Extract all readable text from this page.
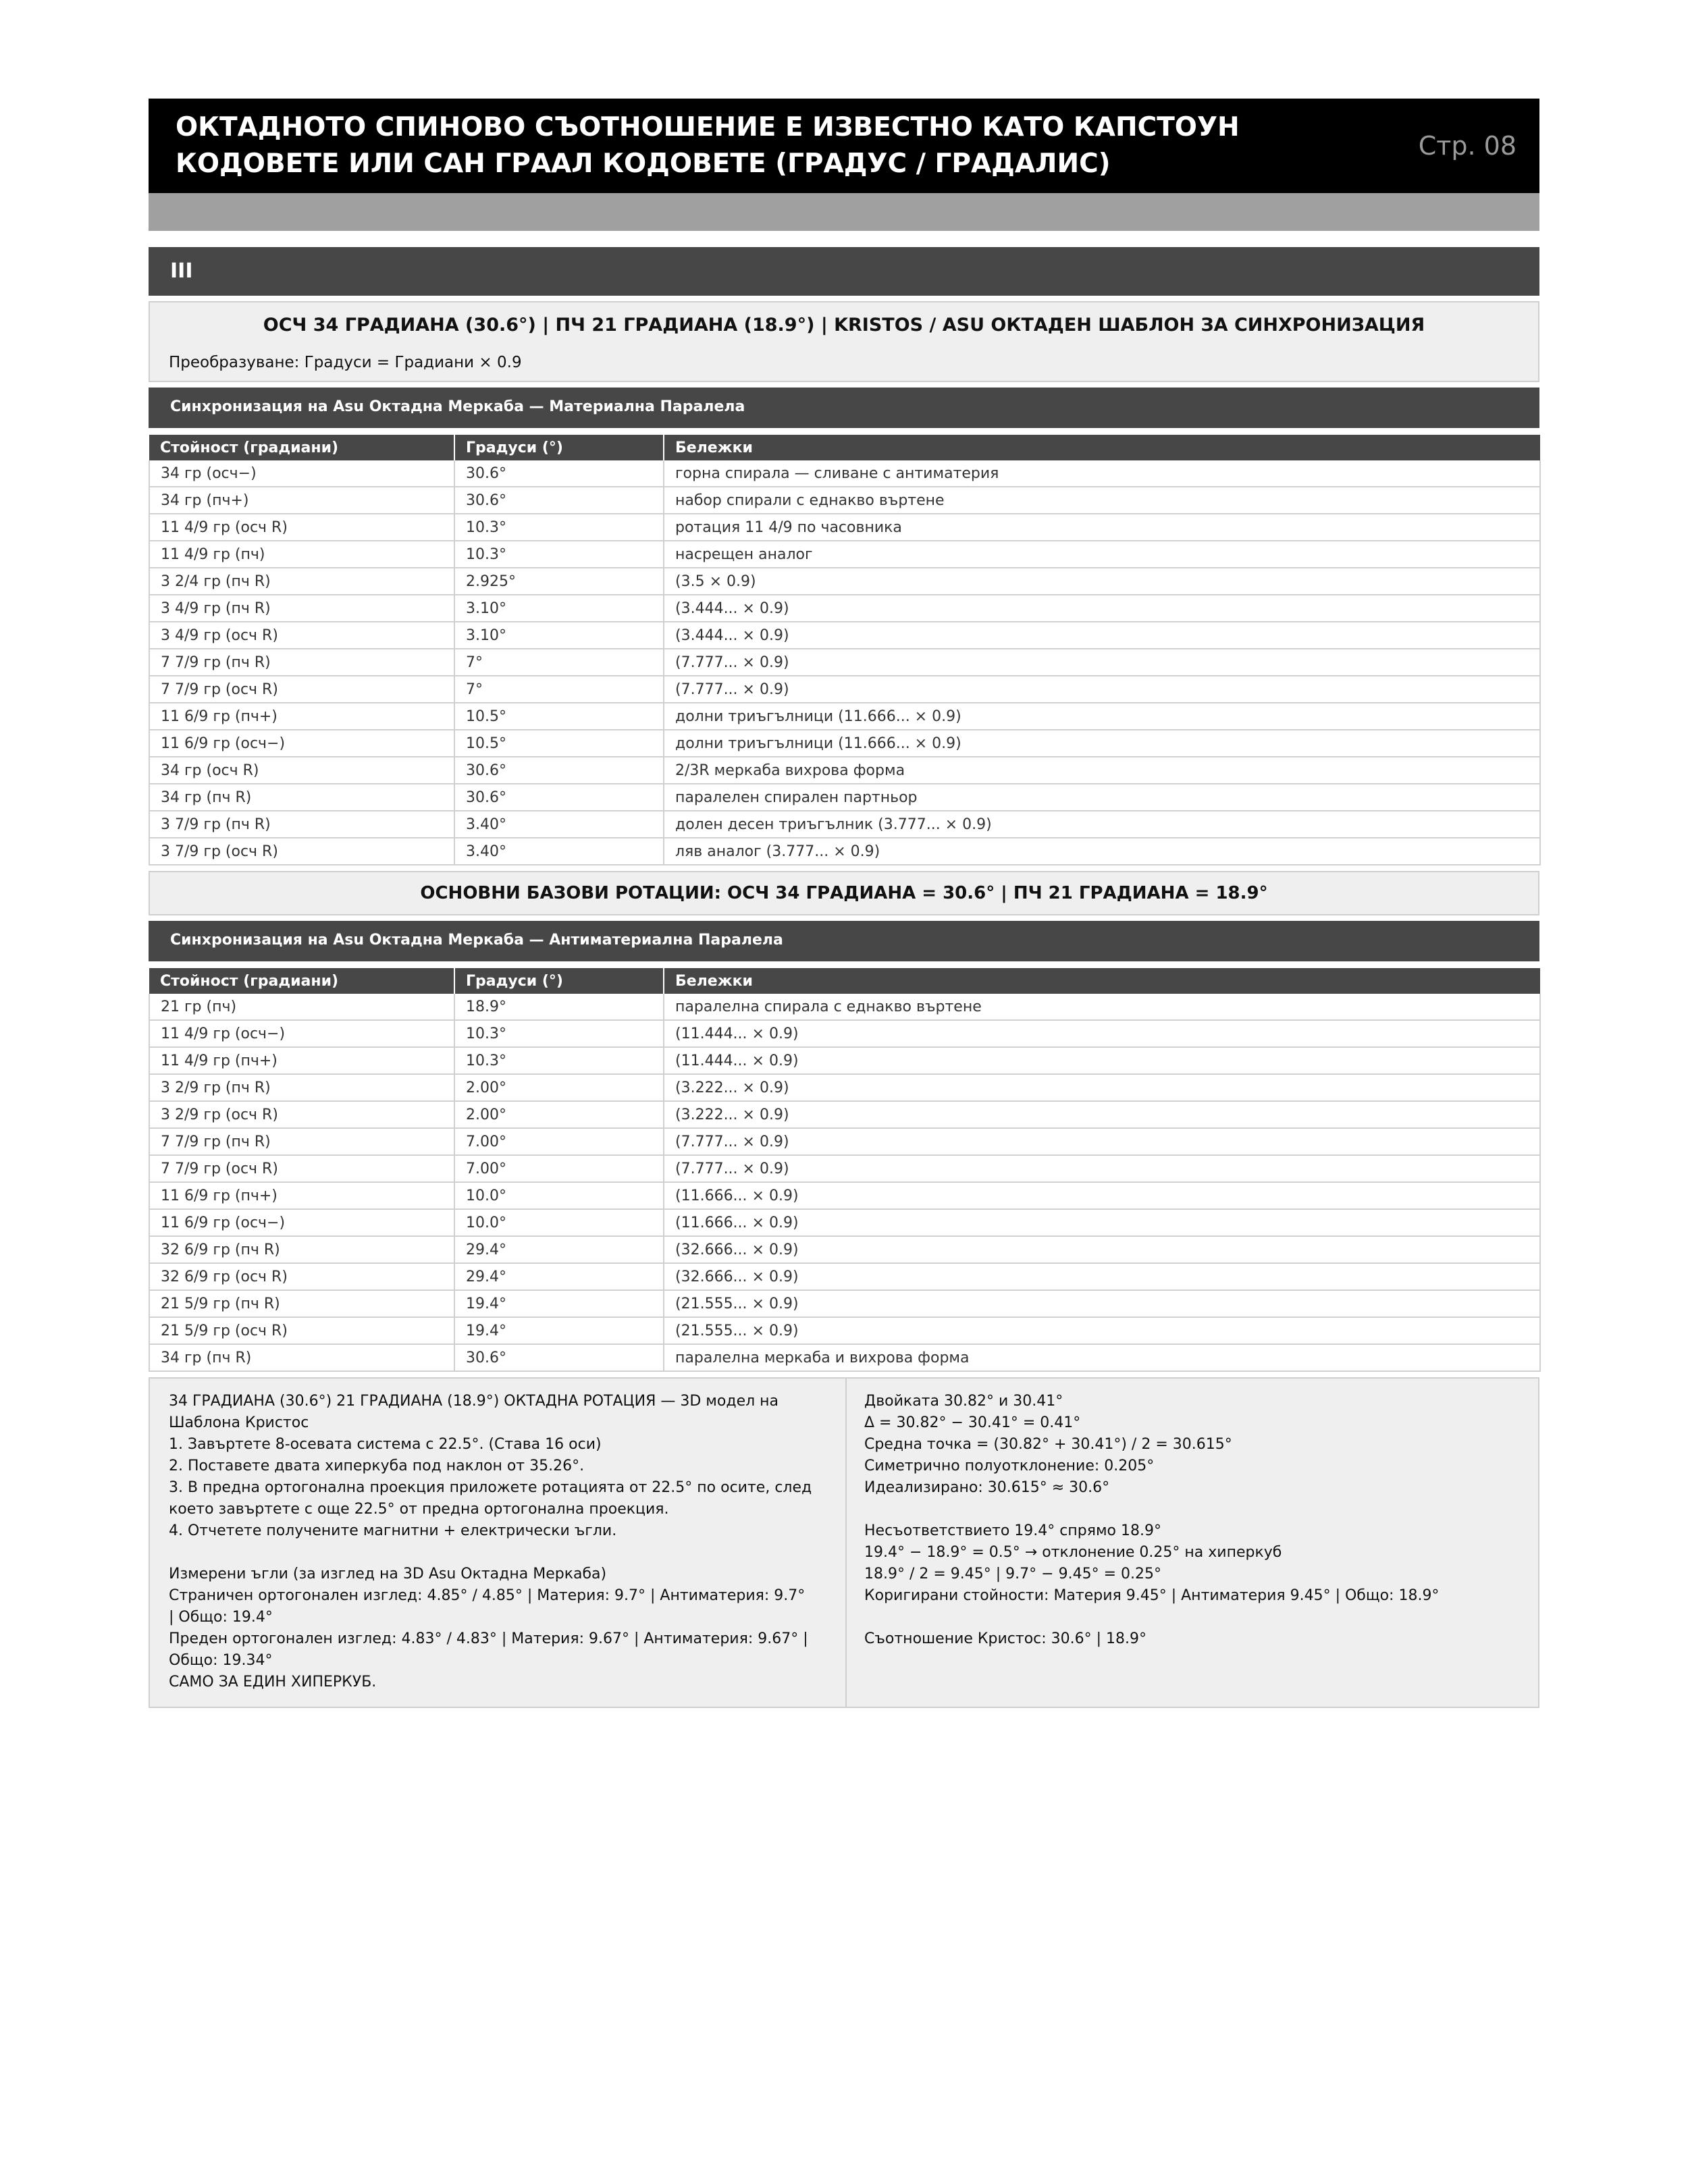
ОКТАДНОТО СПИНОВО СЪОТНОШЕНИЕ Е ИЗВЕСТНО КАТО КАПСТОУН КОДОВЕТЕ ИЛИ САН ГРААЛ КОДОВЕТЕ (ГРАДУС / ГРАДАЛИС)
Стр. 08
III
ОСЧ 34 ГРАДИАНА (30.6°) | ПЧ 21 ГРАДИАНА (18.9°) | KRISTOS / ASU ОКТАДЕН ШАБЛОН ЗА СИНХРОНИЗАЦИЯ
Преобразуване: Градуси = Градиани × 0.9
Синхронизация на Asu Октадна Меркаба — Материална Паралела
Стойност (градиани)	Градуси (°)	Бележки
34 гр (осч−)	30.6°	горна спирала — сливане с антиматерия
34 гр (пч+)	30.6°	набор спирали с еднакво въртене
11 4/9 гр (осч R)	10.3°	ротация 11 4/9 по часовника
11 4/9 гр (пч)	10.3°	насрещен аналог
3 2/4 гр (пч R)	2.925°	(3.5 × 0.9)
3 4/9 гр (пч R)	3.10°	(3.444... × 0.9)
3 4/9 гр (осч R)	3.10°	(3.444... × 0.9)
7 7/9 гр (пч R)	7°	(7.777... × 0.9)
7 7/9 гр (осч R)	7°	(7.777... × 0.9)
11 6/9 гр (пч+)	10.5°	долни триъгълници (11.666... × 0.9)
11 6/9 гр (осч−)	10.5°	долни триъгълници (11.666... × 0.9)
34 гр (осч R)	30.6°	2/3R меркаба вихрова форма
34 гр (пч R)	30.6°	паралелен спирален партньор
3 7/9 гр (пч R)	3.40°	долен десен триъгълник (3.777... × 0.9)
3 7/9 гр (осч R)	3.40°	ляв аналог (3.777... × 0.9)
ОСНОВНИ БАЗОВИ РОТАЦИИ: ОСЧ 34 ГРАДИАНА = 30.6° | ПЧ 21 ГРАДИАНА = 18.9°
Синхронизация на Asu Октадна Меркаба — Антиматериална Паралела
Стойност (градиани)	Градуси (°)	Бележки
21 гр (пч)	18.9°	паралелна спирала с еднакво въртене
11 4/9 гр (осч−)	10.3°	(11.444... × 0.9)
11 4/9 гр (пч+)	10.3°	(11.444... × 0.9)
3 2/9 гр (пч R)	2.00°	(3.222... × 0.9)
3 2/9 гр (осч R)	2.00°	(3.222... × 0.9)
7 7/9 гр (пч R)	7.00°	(7.777... × 0.9)
7 7/9 гр (осч R)	7.00°	(7.777... × 0.9)
11 6/9 гр (пч+)	10.0°	(11.666... × 0.9)
11 6/9 гр (осч−)	10.0°	(11.666... × 0.9)
32 6/9 гр (пч R)	29.4°	(32.666... × 0.9)
32 6/9 гр (осч R)	29.4°	(32.666... × 0.9)
21 5/9 гр (пч R)	19.4°	(21.555... × 0.9)
21 5/9 гр (осч R)	19.4°	(21.555... × 0.9)
34 гр (пч R)	30.6°	паралелна меркаба и вихрова форма
34 ГРАДИАНА (30.6°) 21 ГРАДИАНА (18.9°) ОКТАДНА РОТАЦИЯ — 3D модел на
Шаблона Кристос
1. Завъртете 8-осевата система с 22.5°. (Става 16 оси)
2. Поставете двата хиперкуба под наклон от 35.26°.
3. В предна ортогонална проекция приложете ротацията от 22.5° по осите, след
което завъртете с още 22.5° от предна ортогонална проекция.
4. Отчетете получените магнитни + електрически ъгли.
Измерени ъгли (за изглед на 3D Asu Октадна Меркаба)
Страничен ортогонален изглед: 4.85° / 4.85° | Материя: 9.7° | Антиматерия: 9.7°
| Общо: 19.4°
Преден ортогонален изглед: 4.83° / 4.83° | Материя: 9.67° | Антиматерия: 9.67° |
Общо: 19.34°
САМО ЗА ЕДИН ХИПЕРКУБ.
Двойката 30.82° и 30.41°
Δ = 30.82° − 30.41° = 0.41°
Средна точка = (30.82° + 30.41°) / 2 = 30.615°
Симетрично полуотклонение: 0.205°
Идеализирано: 30.615° ≈ 30.6°
Несъответствието 19.4° спрямо 18.9°
19.4° − 18.9° = 0.5° → отклонение 0.25° на хиперкуб
18.9° / 2 = 9.45° | 9.7° − 9.45° = 0.25°
Коригирани стойности: Материя 9.45° | Антиматерия 9.45° | Общо: 18.9°
Съотношение Кристос: 30.6° | 18.9°
